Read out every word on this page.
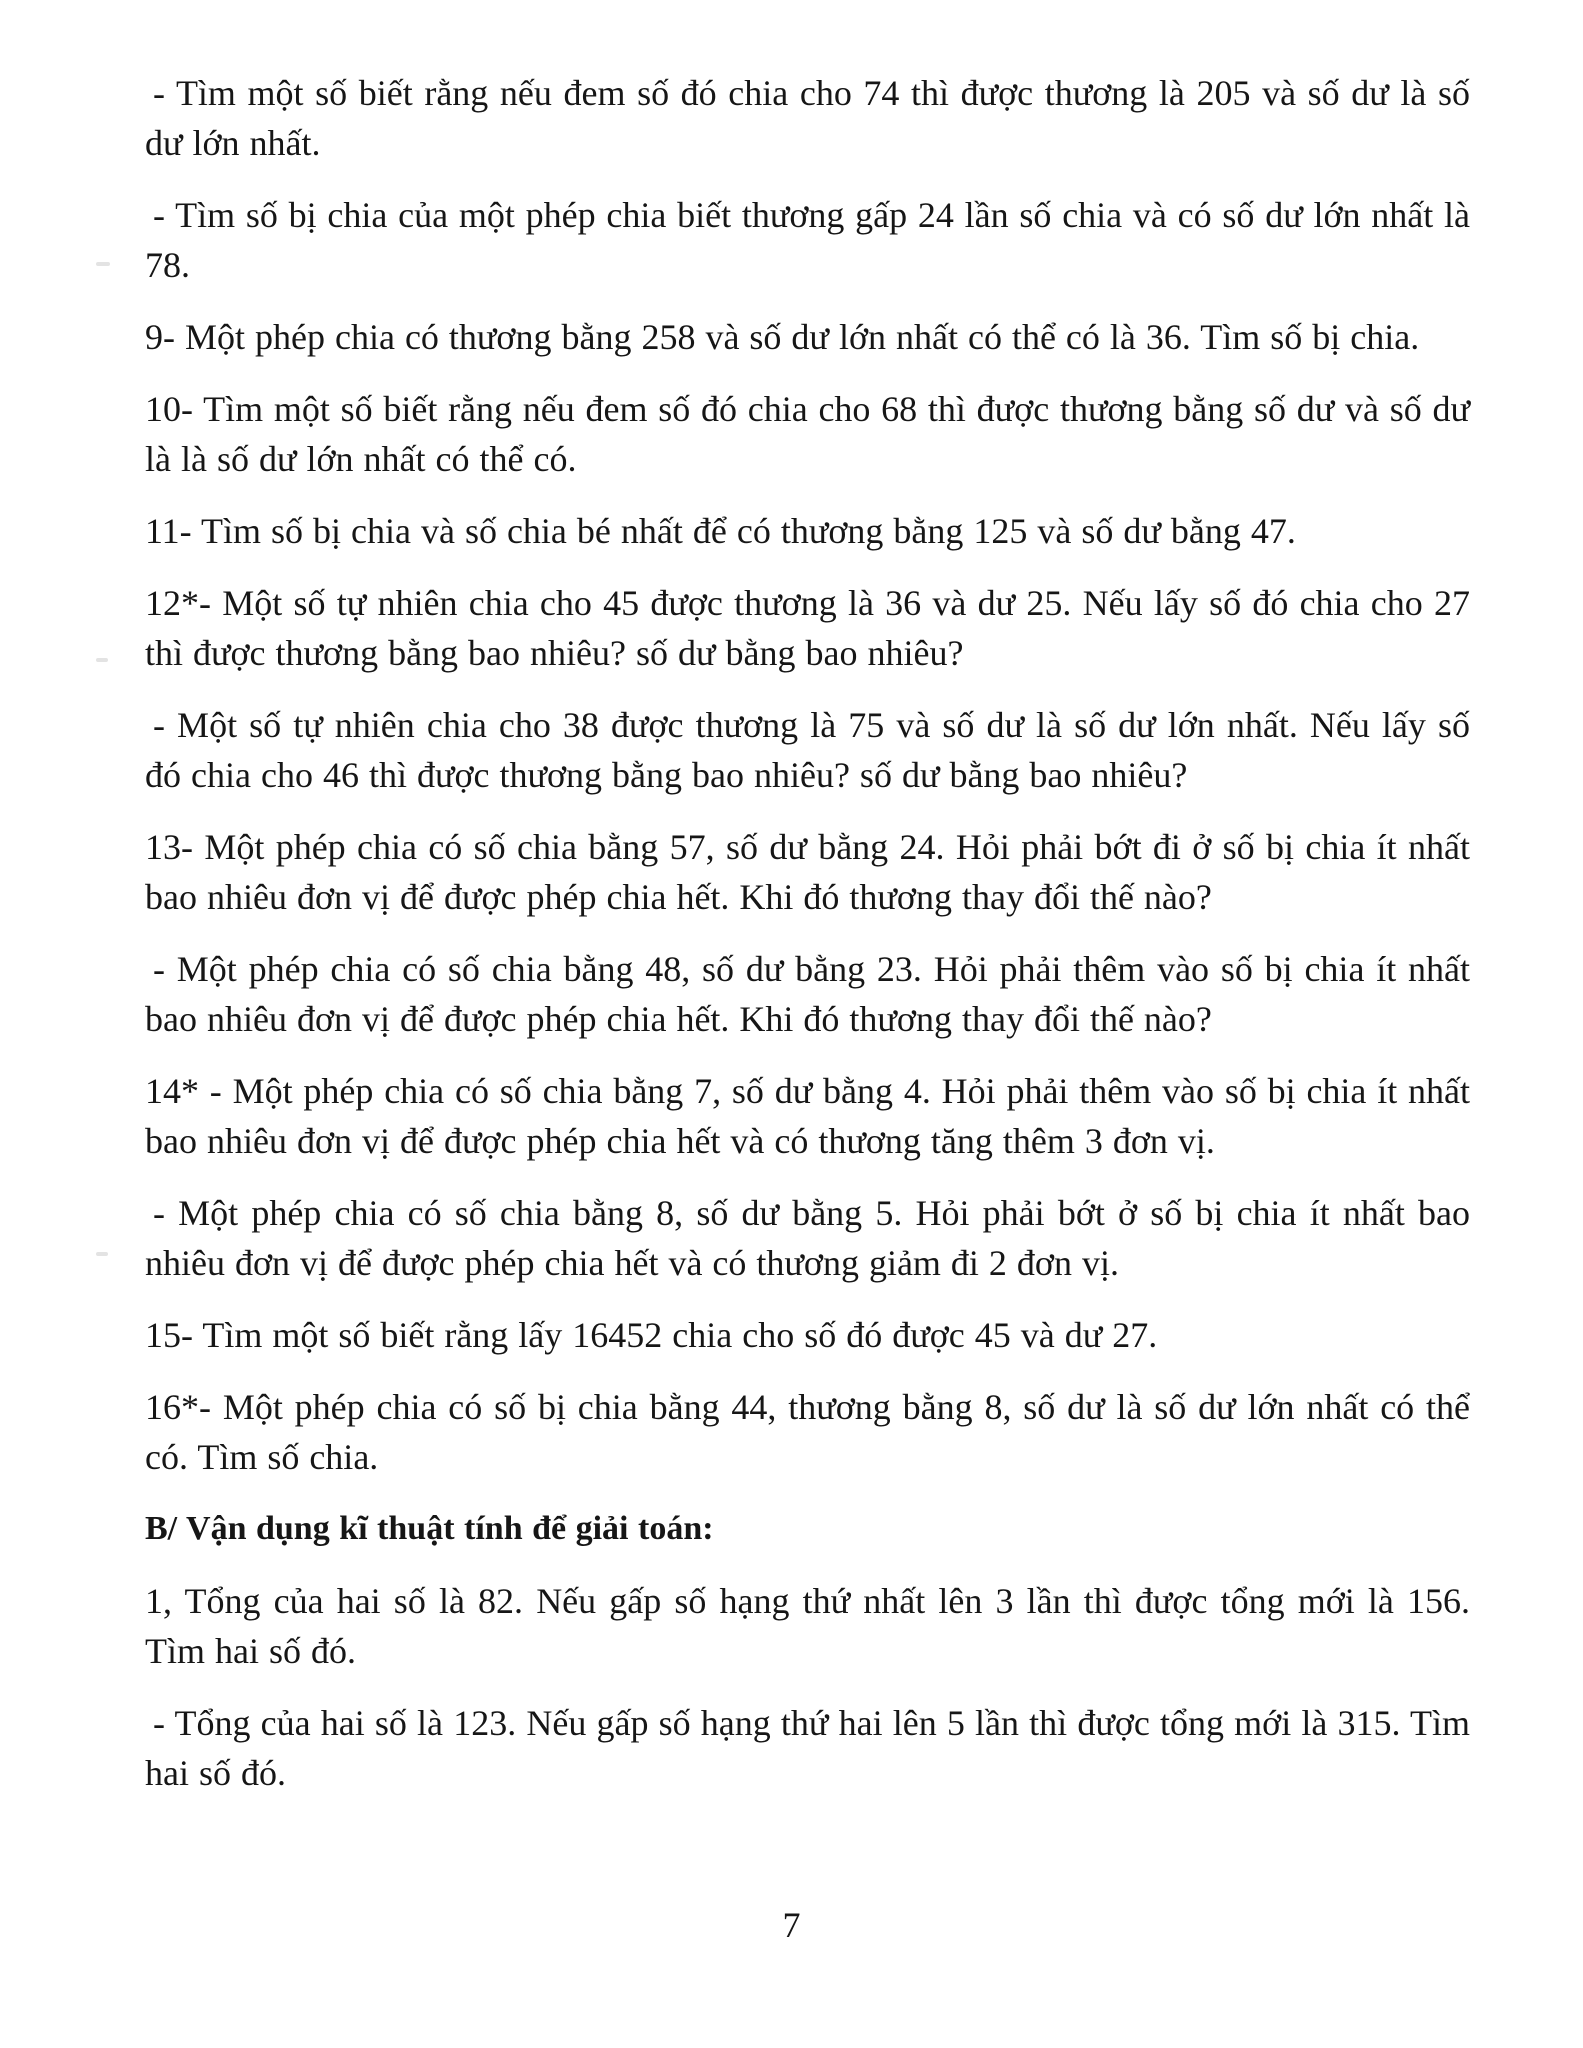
- Tìm một số biết rằng nếu đem số đó chia cho 74 thì được thương là 205 và số dư là số dư lớn nhất.

- Tìm số bị chia của một phép chia biết thương gấp 24 lần số chia và có số dư lớn nhất là 78.

9- Một phép chia có thương bằng 258 và số dư lớn nhất có thể có là 36. Tìm số bị chia.

10- Tìm một số biết rằng nếu đem số đó chia cho 68 thì được thương bằng số dư và số dư là là số dư lớn nhất có thể có.

11- Tìm số bị chia và số chia bé nhất để có thương bằng 125 và số dư bằng 47.

12*- Một số tự nhiên chia cho 45 được thương là 36 và dư 25. Nếu lấy số đó chia cho 27 thì được thương bằng bao nhiêu? số dư bằng bao nhiêu?

- Một số tự nhiên chia cho 38 được thương là 75 và số dư là số dư lớn nhất. Nếu lấy số đó chia cho 46 thì được thương bằng bao nhiêu? số dư bằng bao nhiêu?

13- Một phép chia có số chia bằng 57, số dư bằng 24. Hỏi phải bớt đi ở số bị chia ít nhất bao nhiêu đơn vị để được phép chia hết. Khi đó thương thay đổi thế nào?

- Một phép chia có số chia bằng 48, số dư bằng 23. Hỏi phải thêm vào số bị chia ít nhất bao nhiêu đơn vị để được phép chia hết. Khi đó thương thay đổi thế nào?

14* - Một phép chia có số chia bằng 7, số dư bằng 4. Hỏi phải thêm vào số bị chia ít nhất bao nhiêu đơn vị để được phép chia hết và có thương tăng thêm 3 đơn vị.

- Một phép chia có số chia bằng 8, số dư bằng 5. Hỏi phải bớt ở số bị chia ít nhất bao nhiêu đơn vị để được phép chia hết và có thương giảm đi 2 đơn vị.

15- Tìm một số biết rằng lấy 16452 chia cho số đó được 45 và dư 27.

16*- Một phép chia có số bị chia bằng 44, thương bằng 8, số dư là số dư lớn nhất có thể có. Tìm số chia.

B/ Vận dụng kĩ thuật tính để giải toán:

1, Tổng của hai số là 82. Nếu gấp số hạng thứ nhất lên 3 lần thì được tổng mới là 156. Tìm hai số đó.

- Tổng của hai số là 123. Nếu gấp số hạng thứ hai lên 5 lần thì được tổng mới là 315. Tìm hai số đó.

7
